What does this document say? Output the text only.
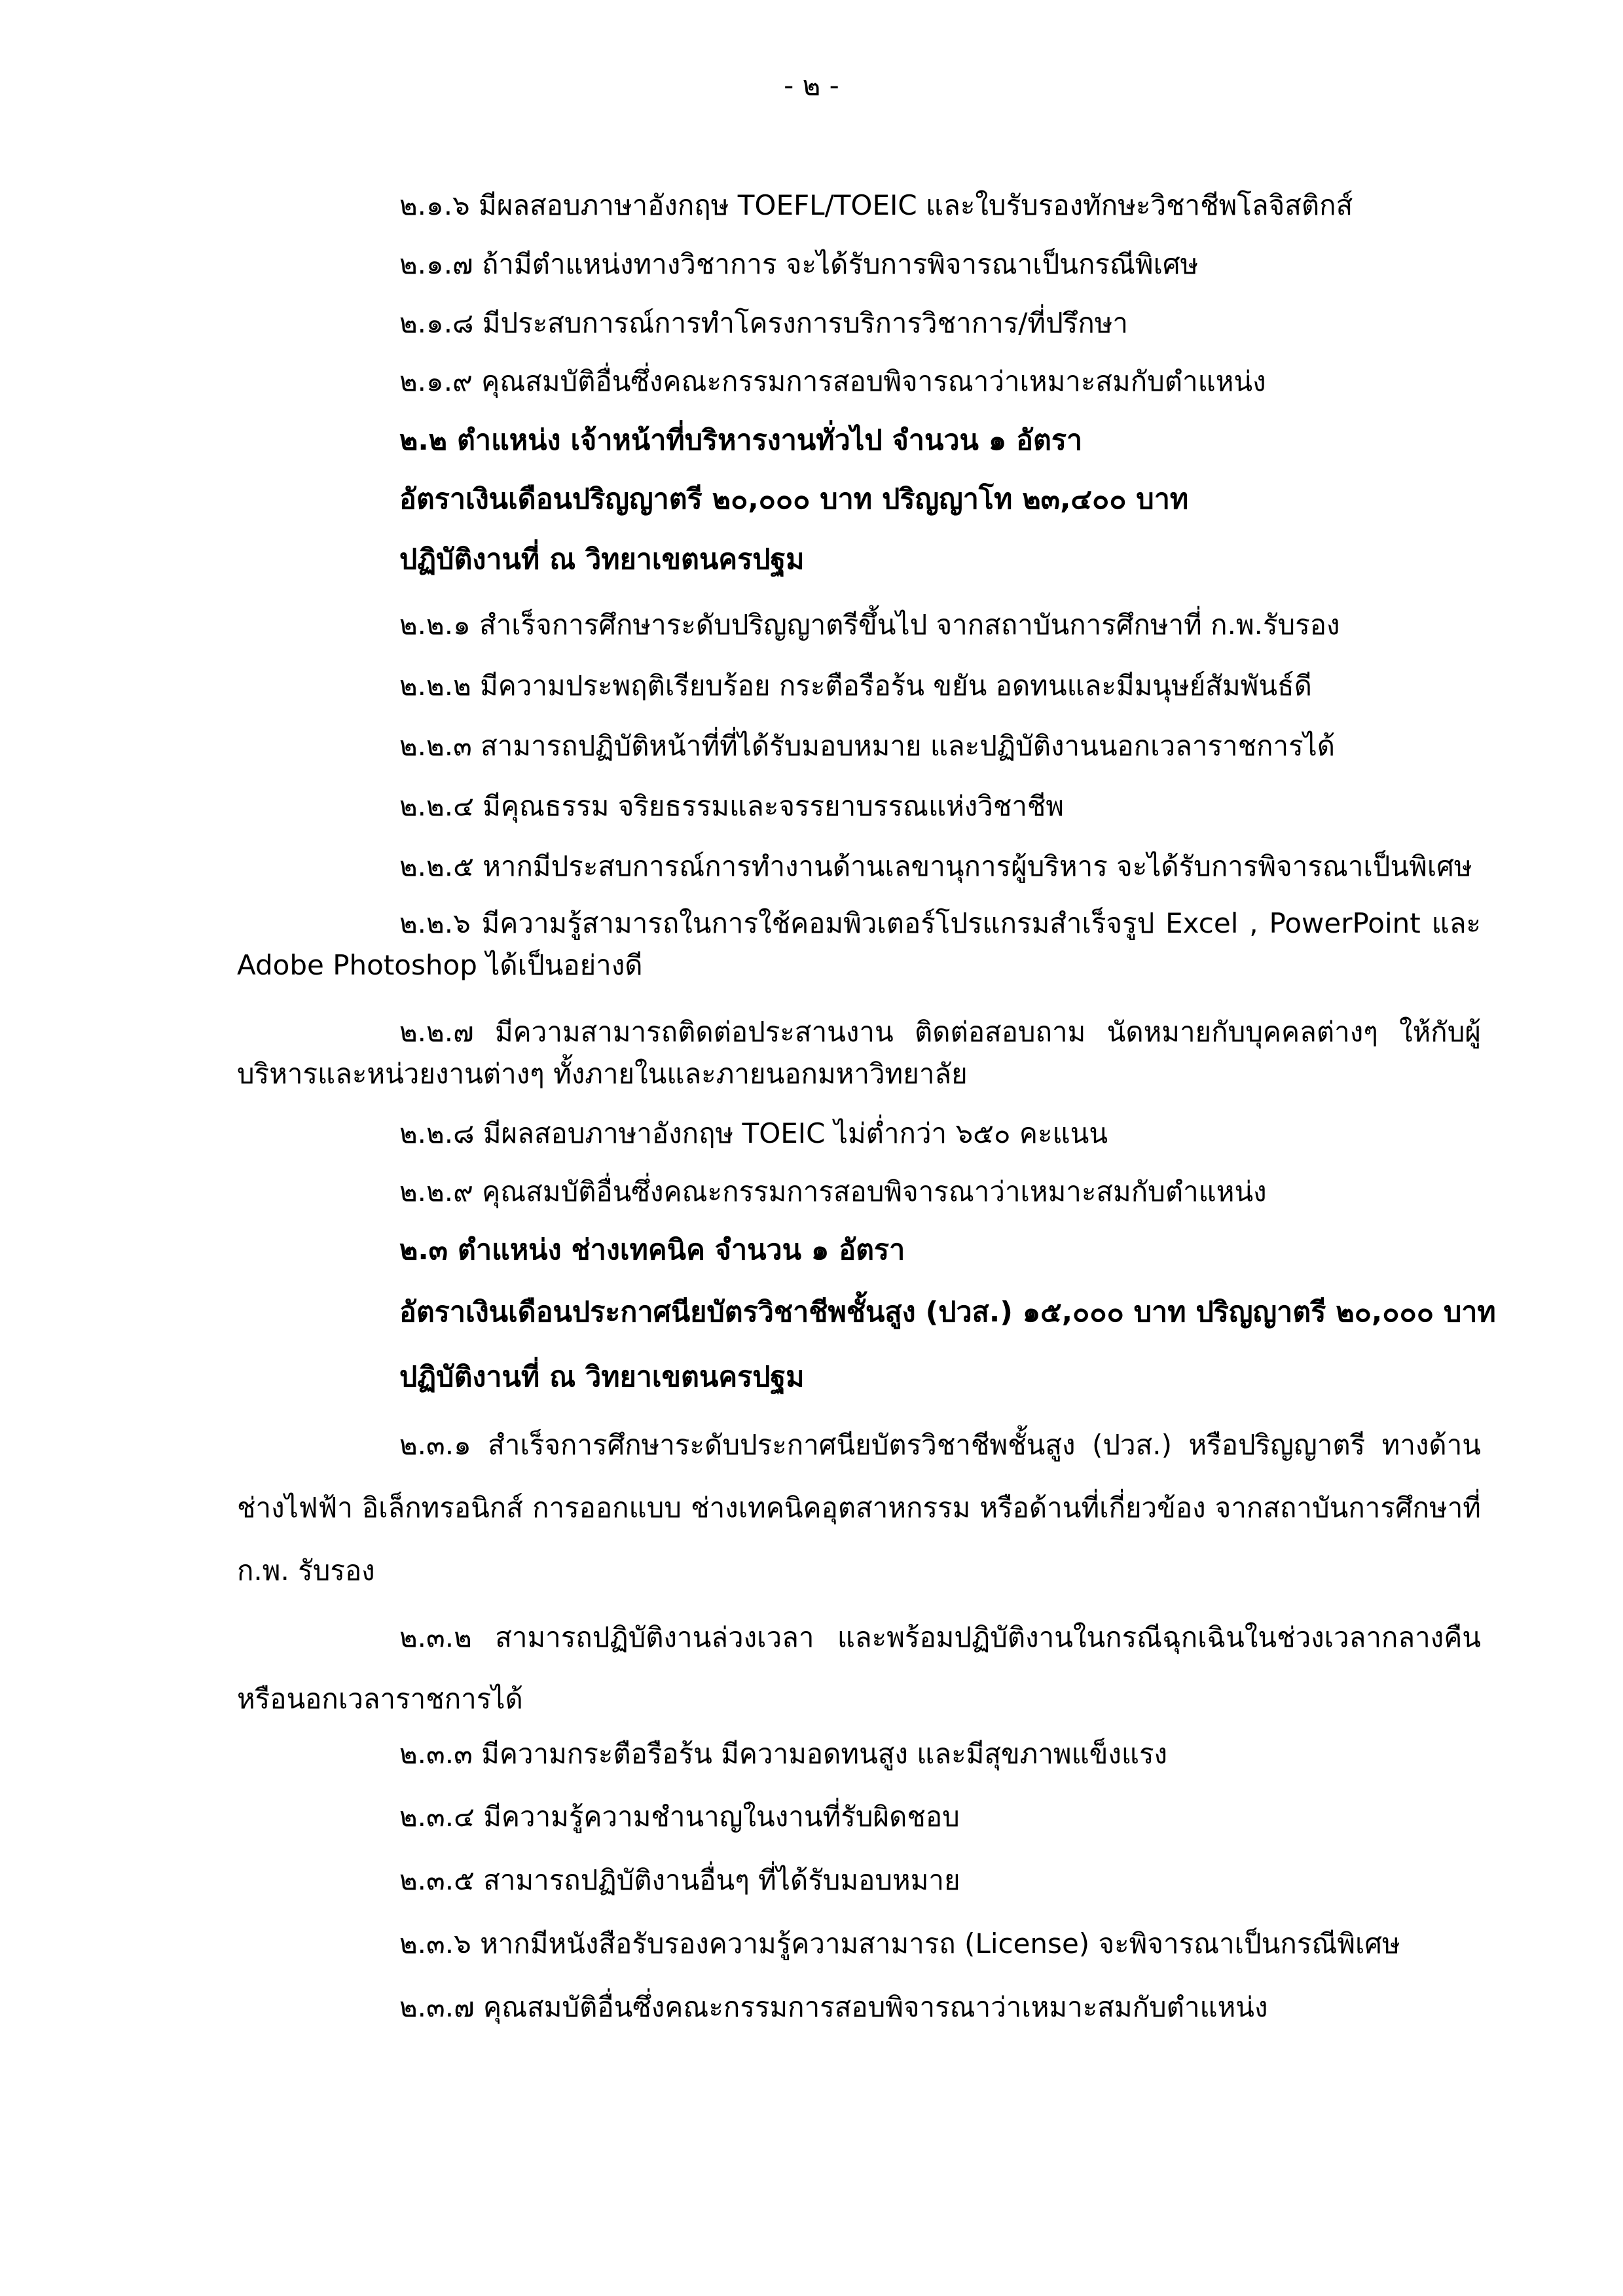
- ๒ -
๒.๑.๖ มีผลสอบภาษาอังกฤษ TOEFL/TOEIC และใบรับรองทักษะวิชาชีพโลจิสติกส์
๒.๑.๗ ถ้ามีตำแหน่งทางวิชาการ จะได้รับการพิจารณาเป็นกรณีพิเศษ
๒.๑.๘ มีประสบการณ์การทำโครงการบริการวิชาการ/ที่ปรึกษา
๒.๑.๙ คุณสมบัติอื่นซึ่งคณะกรรมการสอบพิจารณาว่าเหมาะสมกับตำแหน่ง
๒.๒ ตำแหน่ง เจ้าหน้าที่บริหารงานทั่วไป จำนวน ๑ อัตรา
อัตราเงินเดือนปริญญาตรี ๒๐,๐๐๐ บาท ปริญญาโท ๒๓,๔๐๐ บาท
ปฏิบัติงานที่ ณ วิทยาเขตนครปฐม
๒.๒.๑ สำเร็จการศึกษาระดับปริญญาตรีขึ้นไป จากสถาบันการศึกษาที่ ก.พ.รับรอง
๒.๒.๒ มีความประพฤติเรียบร้อย กระตือรือร้น ขยัน อดทนและมีมนุษย์สัมพันธ์ดี
๒.๒.๓ สามารถปฏิบัติหน้าที่ที่ได้รับมอบหมาย และปฏิบัติงานนอกเวลาราชการได้
๒.๒.๔ มีคุณธรรม จริยธรรมและจรรยาบรรณแห่งวิชาชีพ
๒.๒.๕ หากมีประสบการณ์การทำงานด้านเลขานุการผู้บริหาร จะได้รับการพิจารณาเป็นพิเศษ
๒.๒.๖ มีความรู้สามารถในการใช้คอมพิวเตอร์โปรแกรมสำเร็จรูป Excel , PowerPoint และ Adobe Photoshop ได้เป็นอย่างดี
๒.๒.๗ มีความสามารถติดต่อประสานงาน ติดต่อสอบถาม นัดหมายกับบุคคลต่างๆ ให้กับผู้บริหารและหน่วยงานต่างๆ ทั้งภายในและภายนอกมหาวิทยาลัย
๒.๒.๘ มีผลสอบภาษาอังกฤษ TOEIC ไม่ต่ำกว่า ๖๕๐ คะแนน
๒.๒.๙ คุณสมบัติอื่นซึ่งคณะกรรมการสอบพิจารณาว่าเหมาะสมกับตำแหน่ง
๒.๓ ตำแหน่ง ช่างเทคนิค จำนวน ๑ อัตรา
อัตราเงินเดือนประกาศนียบัตรวิชาชีพชั้นสูง (ปวส.) ๑๕,๐๐๐ บาท ปริญญาตรี ๒๐,๐๐๐ บาท
ปฏิบัติงานที่ ณ วิทยาเขตนครปฐม
๒.๓.๑ สำเร็จการศึกษาระดับประกาศนียบัตรวิชาชีพชั้นสูง (ปวส.) หรือปริญญาตรี ทางด้านช่างไฟฟ้า อิเล็กทรอนิกส์ การออกแบบ ช่างเทคนิคอุตสาหกรรม หรือด้านที่เกี่ยวข้อง จากสถาบันการศึกษาที่ ก.พ. รับรอง
๒.๓.๒ สามารถปฏิบัติงานล่วงเวลา และพร้อมปฏิบัติงานในกรณีฉุกเฉินในช่วงเวลากลางคืนหรือนอกเวลาราชการได้
๒.๓.๓ มีความกระตือรือร้น มีความอดทนสูง และมีสุขภาพแข็งแรง
๒.๓.๔ มีความรู้ความชำนาญในงานที่รับผิดชอบ
๒.๓.๕ สามารถปฏิบัติงานอื่นๆ ที่ได้รับมอบหมาย
๒.๓.๖ หากมีหนังสือรับรองความรู้ความสามารถ (License) จะพิจารณาเป็นกรณีพิเศษ
๒.๓.๗ คุณสมบัติอื่นซึ่งคณะกรรมการสอบพิจารณาว่าเหมาะสมกับตำแหน่ง
